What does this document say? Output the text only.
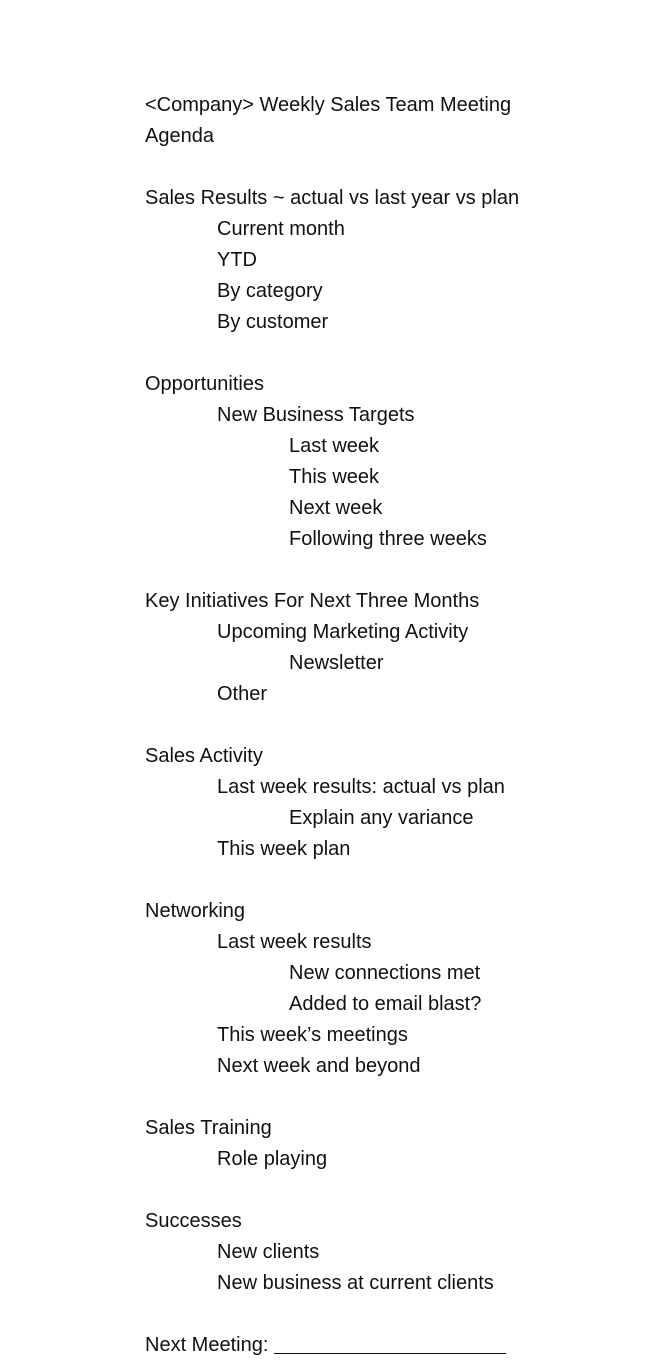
<Company> Weekly Sales Team Meeting
Agenda
Sales Results ~ actual vs last year vs plan
Current month
YTD
By category
By customer
Opportunities
New Business Targets
Last week
This week
Next week
Following three weeks
Key Initiatives For Next Three Months
Upcoming Marketing Activity
Newsletter
Other
Sales Activity
Last week results: actual vs plan
Explain any variance
This week plan
Networking
Last week results
New connections met
Added to email blast?
This week’s meetings
Next week and beyond
Sales Training
Role playing
Successes
New clients
New business at current clients
Next Meeting:
